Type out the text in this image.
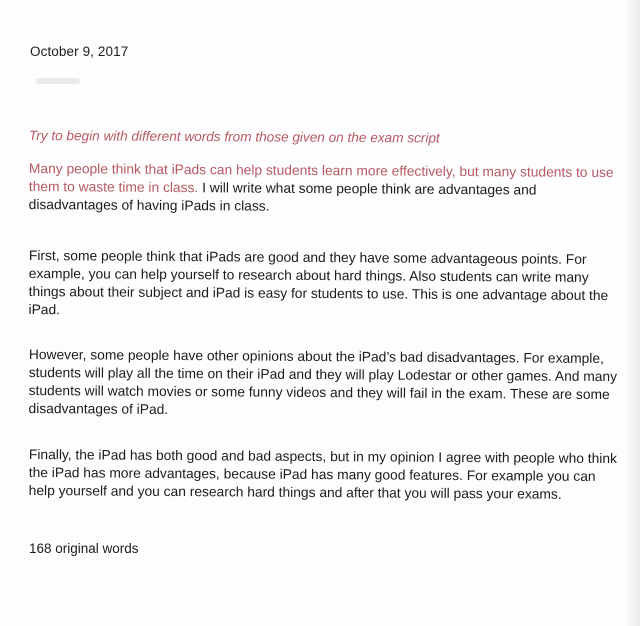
October 9, 2017
Try to begin with different words from those given on the exam script
Many people think that iPads can help students learn more effectively, but many students to use them to waste time in class. I will write what some people think are advantages and disadvantages of having iPads in class.
First, some people think that iPads are good and they have some advantageous points. For example, you can help yourself to research about hard things. Also students can write many things about their subject and iPad is easy for students to use. This is one advantage about the iPad.
However, some people have other opinions about the iPad’s bad disadvantages. For example, students will play all the time on their iPad and they will play Lodestar or other games. And many students will watch movies or some funny videos and they will fail in the exam. These are some disadvantages of iPad.
Finally, the iPad has both good and bad aspects, but in my opinion I agree with people who think the iPad has more advantages, because iPad has many good features. For example you can help yourself and you can research hard things and after that you will pass your exams.
168 original words
